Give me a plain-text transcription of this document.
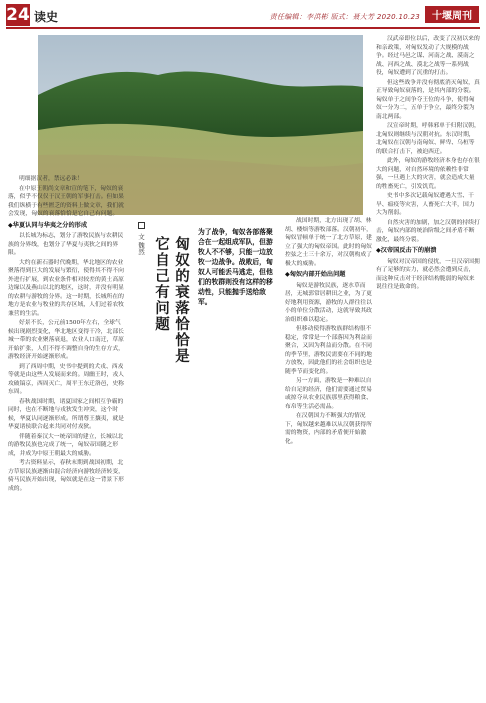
24 读史	责任编辑：李洪彬 版式：聂大芳 2020.10.23	十堰周刊

明细据汉者，禁远必诛！

在中原王朝尚文章和宣的笔下，匈奴的衰落，似乎不仅仅于汉王朝的军事打击。但如果我们纵横于有些匮乏的资料上做文章，我们就会发现，匈奴的衰落恰恰是它自己有问题。

◆华夏认同与华夷之分的形成

以长城为标志，划分了游牧民族与农耕民族的分界线，也划分了华夏与夷狄之间的界限。

大约在新石器时代晚期，华北地区的农业聚落得到巨大的发展与繁衍，使得其不得不向外进行扩展，到农业条件相对较差的黄土高原边缘以及燕山以北的地区，这时，并没有明显的农耕与游牧的分界。这一时期，长城所在的地方是农业与牧业的共存区域，人们过着农牧兼营的生活。

好景不长，公元前1500年左右，全球气候出现剧烈变化，华北地区变得干冷，北部长城一带的农业聚落衰退，农业人口南迁，草原开始扩张，人们不得不调整自身的生存方式，游牧经济开始逐渐形成。

到了西周中期，史书中提到的犬戎、西戎等就是由这些人发展而来的。周幽王时，戎人攻破镐京，西周灭亡，周平王东迁洛邑，史称东周。

春秋战国时期，诸夏国家之间相互争霸的同时，也在不断地与戎狄发生冲突，这个时候，华夏认同逐渐形成。所谓尊王攘夷，就是华夏诸侯联合起来共同对付戎狄。

伴随着秦汉大一统帝国的建立，长城以北的游牧民族也完成了统一，匈奴帝国随之形成，并成为中原王朝最大的威胁。

考古资料显示，春秋末期到战国初期，北方草原民族逐渐由混合经济向游牧经济转变，骑马民族开始出现，匈奴就是在这一背景下形成的。

匈奴的衰落恰恰是
它自己有问题
文 魏然
为了战争，匈奴各部落聚合在一起组成军队，但游牧人不不够，只能一边放牧一边战争。战败后，匈奴人可能丢马逃走，但他们的牧群则没有这样的移动性，只能抛手送给敌军。

战国时期，北方出现了胡、林胡、楼烦等游牧部落。汉朝初年，匈奴冒顿单于统一了北方草原，建立了强大的匈奴帝国。此时的匈奴控弦之士三十余万，对汉朝构成了极大的威胁。

◆匈奴内部开始出问题

匈奴是游牧民族，逐水草而居，无城郭常居耕田之业，为了更好地利用资源，游牧的人群往往以小的单位分散活动，这就导致其政治组织难以稳定。

但移动使得游牧族群结构很不稳定，常常是一个部落因为利益而聚合，又因为利益而分散。在不同的季节里，游牧民需要在不同的地方放牧，因此他们的社会组织也是随季节而变化的。

另一方面，游牧是一种难以自给自足的经济，他们需要通过贸易或掠夺从农业民族那里获得粮食、布帛等生活必需品。

在汉朝国力不断强大的情况下，匈奴越来越难以从汉朝获得所需的物资，内部的矛盾便开始激化。

汉武帝即位以后，改变了汉初以来的和亲政策，对匈奴发动了大规模的战争。经过马邑之谋、河南之战、漠南之战、河西之战、漠北之战等一系列战役，匈奴遭到了沉重的打击。

但这些战争并没有彻底消灭匈奴，真正导致匈奴衰落的，是其内部的分裂。匈奴单于之间争夺王位的斗争，使得匈奴一分为二，五单于争立，最终分裂为南北两部。

汉宣帝时期，呼韩邪单于归附汉朝，北匈奴则继续与汉朝对抗。东汉时期，北匈奴在汉朝与南匈奴、鲜卑、乌桓等的联合打击下，被迫西迁。

此外，匈奴的游牧经济本身也存在很大的问题，对自然环境的依赖性非常强，一旦遇上大的灾害，就会造成大量的牲畜死亡，引发饥荒。

史书中多次记载匈奴遭遇大雪、干旱、瘟疫等灾害，人畜死亡大半，国力大为削弱。

自然灾害的加剧，加之汉朝的持续打击，匈奴内部的统治阶级之间矛盾不断激化，最终分裂。

◆汉帝国反击下的崩溃

匈奴对汉帝国的侵扰，一旦汉帝国拥有了足够的实力，就必然会遭到反击，而这种反击对于经济结构脆弱的匈奴来说往往是致命的。
